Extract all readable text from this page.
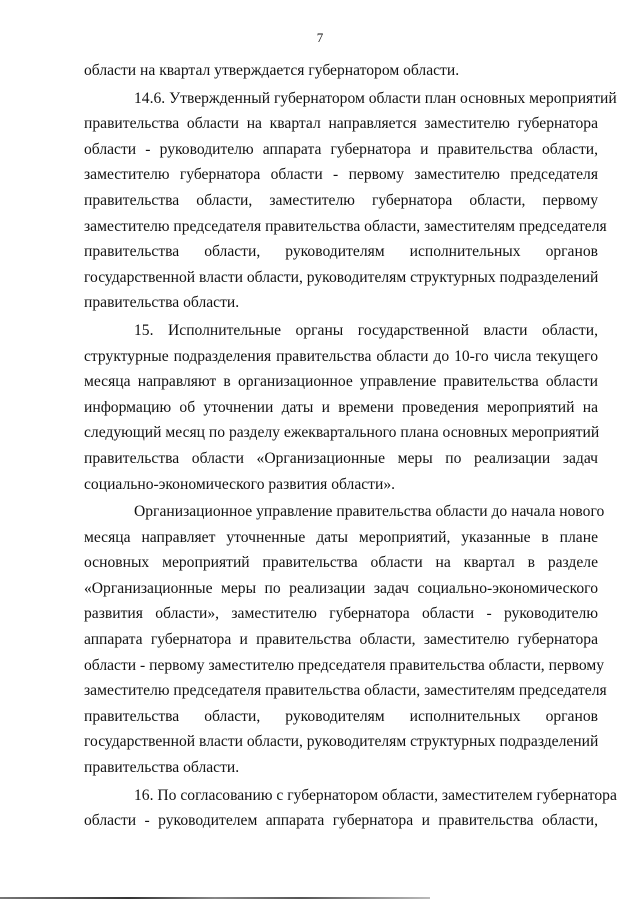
7
области на квартал утверждается губернатором области.
14.6. Утвержденный губернатором области план основных мероприятий
правительства области на квартал направляется заместителю губернатора
области - руководителю аппарата губернатора и правительства области,
заместителю губернатора области - первому заместителю председателя
правительства области, заместителю губернатора области, первому
заместителю председателя правительства области, заместителям председателя
правительства области, руководителям исполнительных органов
государственной власти области, руководителям структурных подразделений
правительства области.
15. Исполнительные органы государственной власти области,
структурные подразделения правительства области до 10-го числа текущего
месяца направляют в организационное управление правительства области
информацию об уточнении даты и времени проведения мероприятий на
следующий месяц по разделу ежеквартального плана основных мероприятий
правительства области «Организационные меры по реализации задач
социально-экономического развития области».
Организационное управление правительства области до начала нового
месяца направляет уточненные даты мероприятий, указанные в плане
основных мероприятий правительства области на квартал в разделе
«Организационные меры по реализации задач социально-экономического
развития области», заместителю губернатора области - руководителю
аппарата губернатора и правительства области, заместителю губернатора
области - первому заместителю председателя правительства области, первому
заместителю председателя правительства области, заместителям председателя
правительства области, руководителям исполнительных органов
государственной власти области, руководителям структурных подразделений
правительства области.
16. По согласованию с губернатором области, заместителем губернатора
области - руководителем аппарата губернатора и правительства области,
